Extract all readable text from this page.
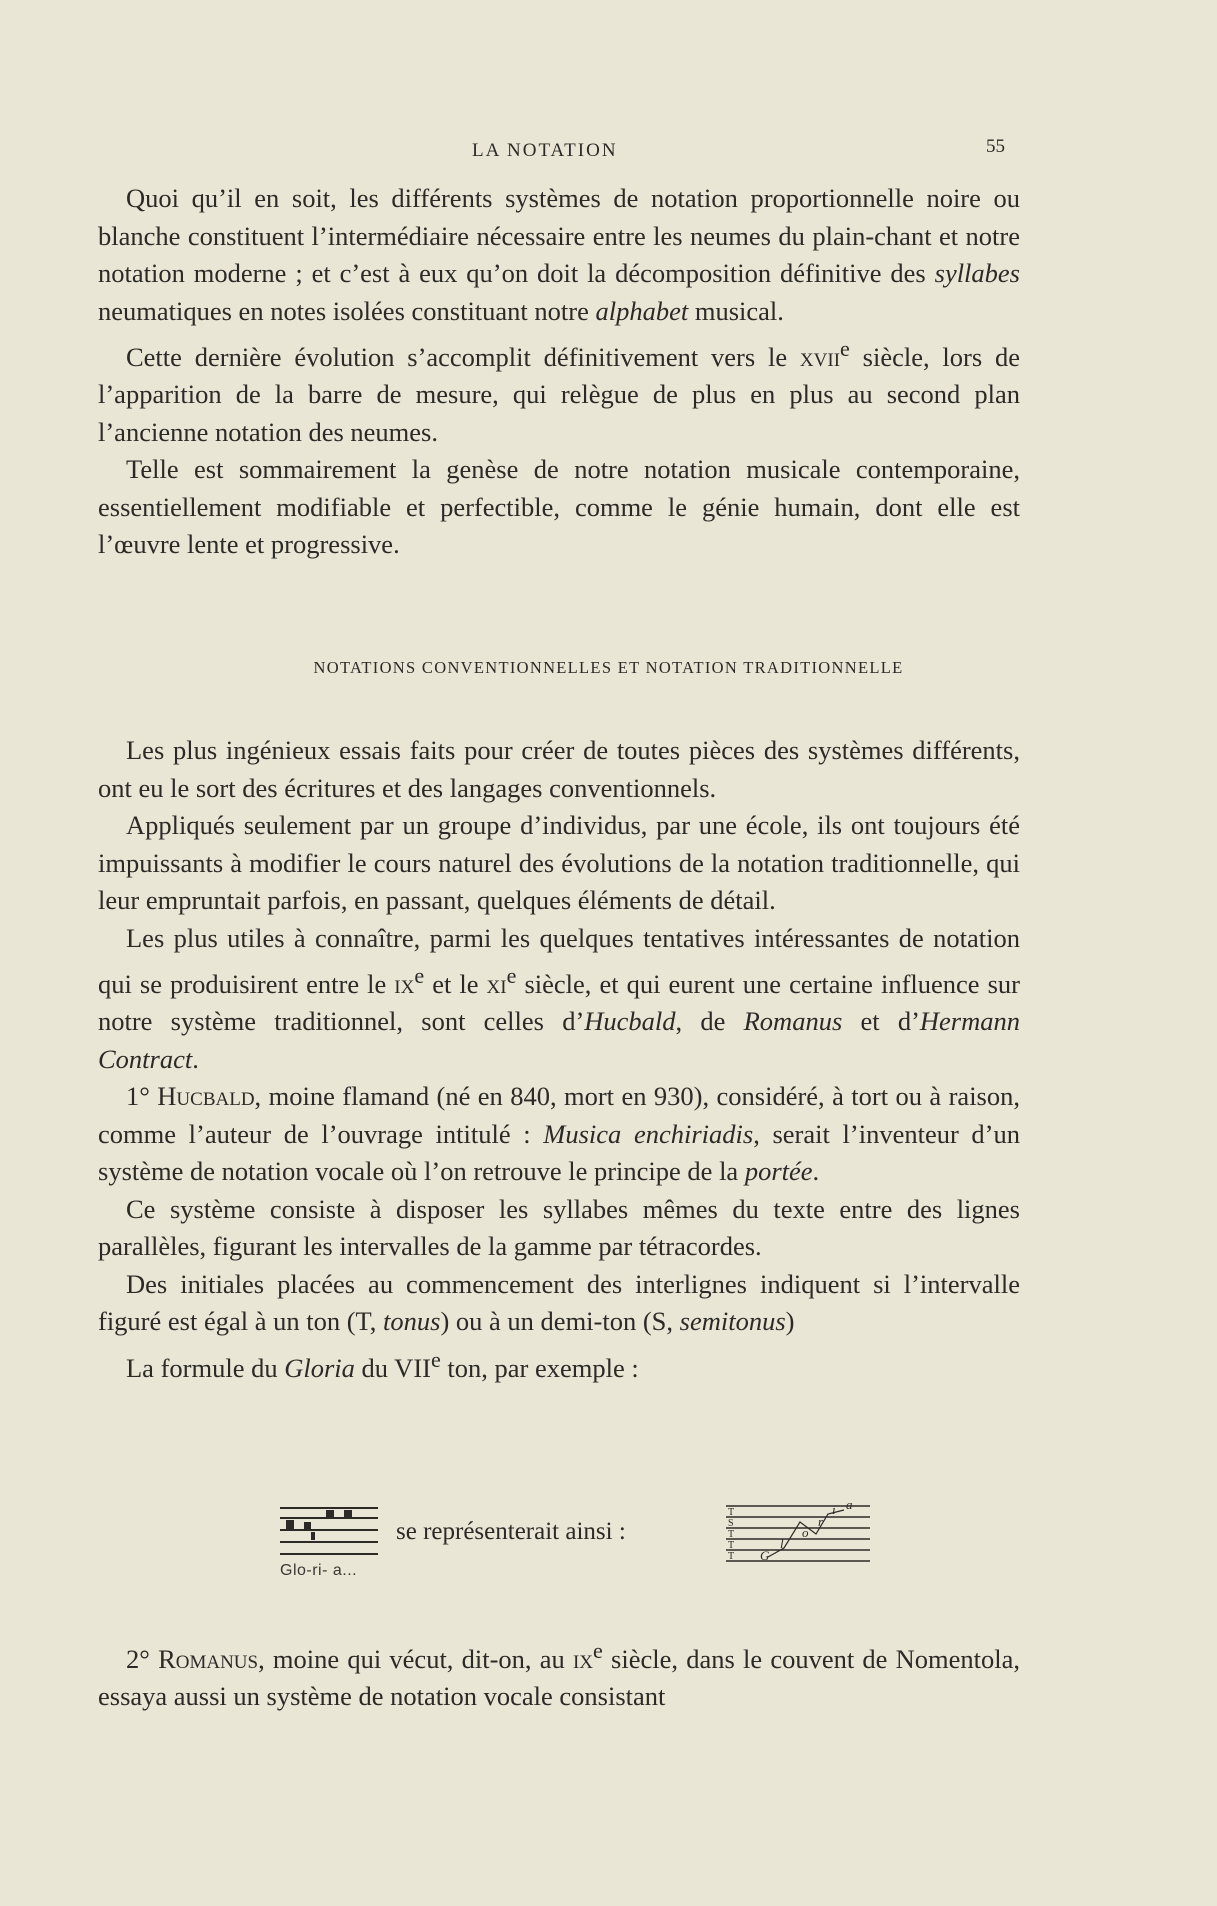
LA NOTATION	55

Quoi qu’il en soit, les différents systèmes de notation proportionnelle noire ou blanche constituent l’intermédiaire nécessaire entre les neumes du plain-chant et notre notation moderne ; et c’est à eux qu’on doit la décomposition définitive des syllabes neumatiques en notes isolées constituant notre alphabet musical.

Cette dernière évolution s’accomplit définitivement vers le xvii$^e$ siècle, lors de l’apparition de la barre de mesure, qui relègue de plus en plus au second plan l’ancienne notation des neumes.

Telle est sommairement la genèse de notre notation musicale contemporaine, essentiellement modifiable et perfectible, comme le génie humain, dont elle est l’œuvre lente et progressive.

NOTATIONS CONVENTIONNELLES ET NOTATION TRADITIONNELLE

Les plus ingénieux essais faits pour créer de toutes pièces des systèmes différents, ont eu le sort des écritures et des langages conventionnels.

Appliqués seulement par un groupe d’individus, par une école, ils ont toujours été impuissants à modifier le cours naturel des évolutions de la notation traditionnelle, qui leur empruntait parfois, en passant, quelques éléments de détail.

Les plus utiles à connaître, parmi les quelques tentatives intéressantes de notation qui se produisirent entre le $ix^e$ et le $xi^e$ siècle, et qui eurent une certaine influence sur notre système traditionnel, sont celles d’Hucbald, de Romanus et d’Hermann Contract.

1° Hucbald, moine flamand (né en 840, mort en 930), considéré, à tort ou à raison, comme l’auteur de l’ouvrage intitulé : Musica enchiriadis, serait l’inventeur d’un système de notation vocale où l’on retrouve le principe de la portée.

Ce système consiste à disposer les syllabes mêmes du texte entre des lignes parallèles, figurant les intervalles de la gamme par tétracordes.

Des initiales placées au commencement des interlignes indiquent si l’intervalle figuré est égal à un ton (T, tonus) ou à un demi-ton (S, semitonus)

La formule du Gloria du VIIe ton, par exemple :

Glo-ri- a...
se représenterait ainsi :
a
i
r
o
l
G
T
S
T
T
T

2° Romanus, moine qui vécut, dit-on, au $ix^e$ siècle, dans le couvent de Nomentola, essaya aussi un système de notation vocale consistant
